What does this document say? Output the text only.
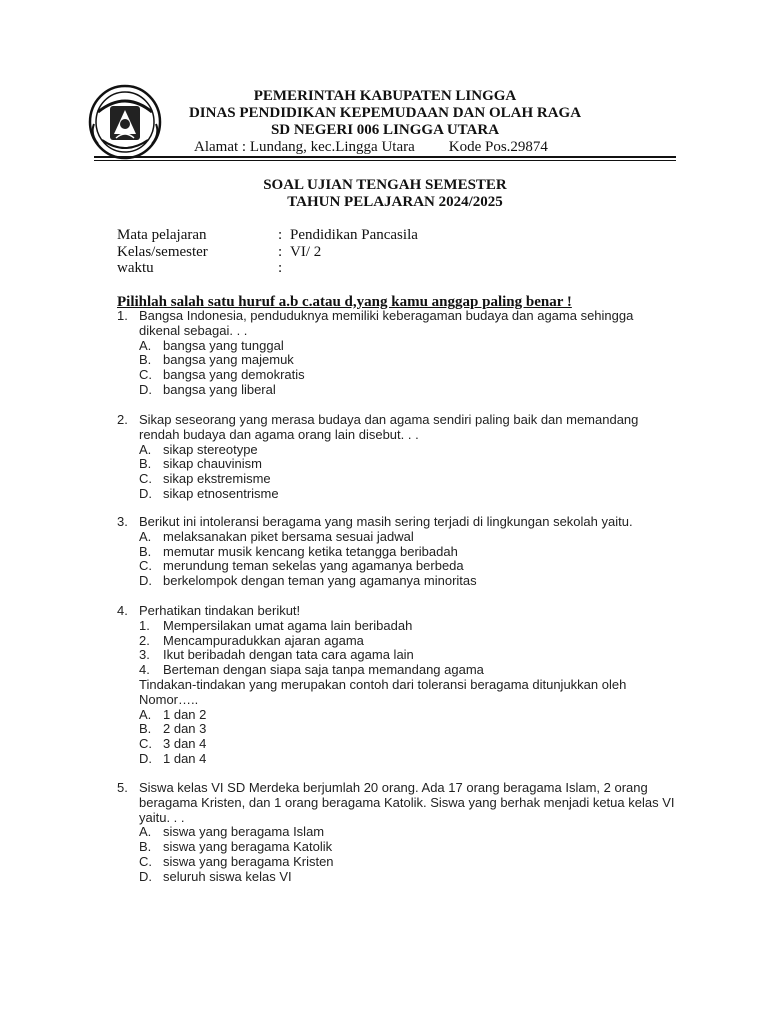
PEMERINTAH KABUPATEN LINGGA
DINAS PENDIDIKAN KEPEMUDAAN DAN OLAH RAGA
SD NEGERI 006 LINGGA UTARA
Alamat : Lundang, kec.Lingga Utara Kode Pos.29874
SOAL UJIAN TENGAH SEMESTER
TAHUN PELAJARAN 2024/2025
Mata pelajaran	: Pendidikan Pancasila
Kelas/semester	: VI/ 2
waktu	:
Pilihlah salah satu huruf a.b c.atau d,yang kamu anggap paling benar !
1. Bangsa Indonesia, penduduknya memiliki keberagaman budaya dan agama sehingga dikenal sebagai. . .
A. bangsa yang tunggal
B. bangsa yang majemuk
C. bangsa yang demokratis
D. bangsa yang liberal
2. Sikap seseorang yang merasa budaya dan agama sendiri paling baik dan memandang rendah budaya dan agama orang lain disebut. . .
A. sikap stereotype
B. sikap chauvinism
C. sikap ekstremisme
D. sikap etnosentrisme
3. Berikut ini intoleransi beragama yang masih sering terjadi di lingkungan sekolah yaitu.
A. melaksanakan piket bersama sesuai jadwal
B. memutar musik kencang ketika tetangga beribadah
C. merundung teman sekelas yang agamanya berbeda
D. berkelompok dengan teman yang agamanya minoritas
4. Perhatikan tindakan berikut!
1.	Mempersilakan umat agama lain beribadah
2.	Mencampuradukkan ajaran agama
3.	Ikut beribadah dengan tata cara agama lain
4.	Berteman dengan siapa saja tanpa memandang agama
Tindakan-tindakan yang merupakan contoh dari toleransi beragama ditunjukkan oleh Nomor…..
A. 1 dan 2
B. 2 dan 3
C. 3 dan 4
D. 1 dan 4
5. Siswa kelas VI SD Merdeka berjumlah 20 orang. Ada 17 orang beragama Islam, 2 orang beragama Kristen, dan 1 orang beragama Katolik. Siswa yang berhak menjadi ketua kelas VI yaitu. . .
A. siswa yang beragama Islam
B. siswa yang beragama Katolik
C. siswa yang beragama Kristen
D. seluruh siswa kelas VI
